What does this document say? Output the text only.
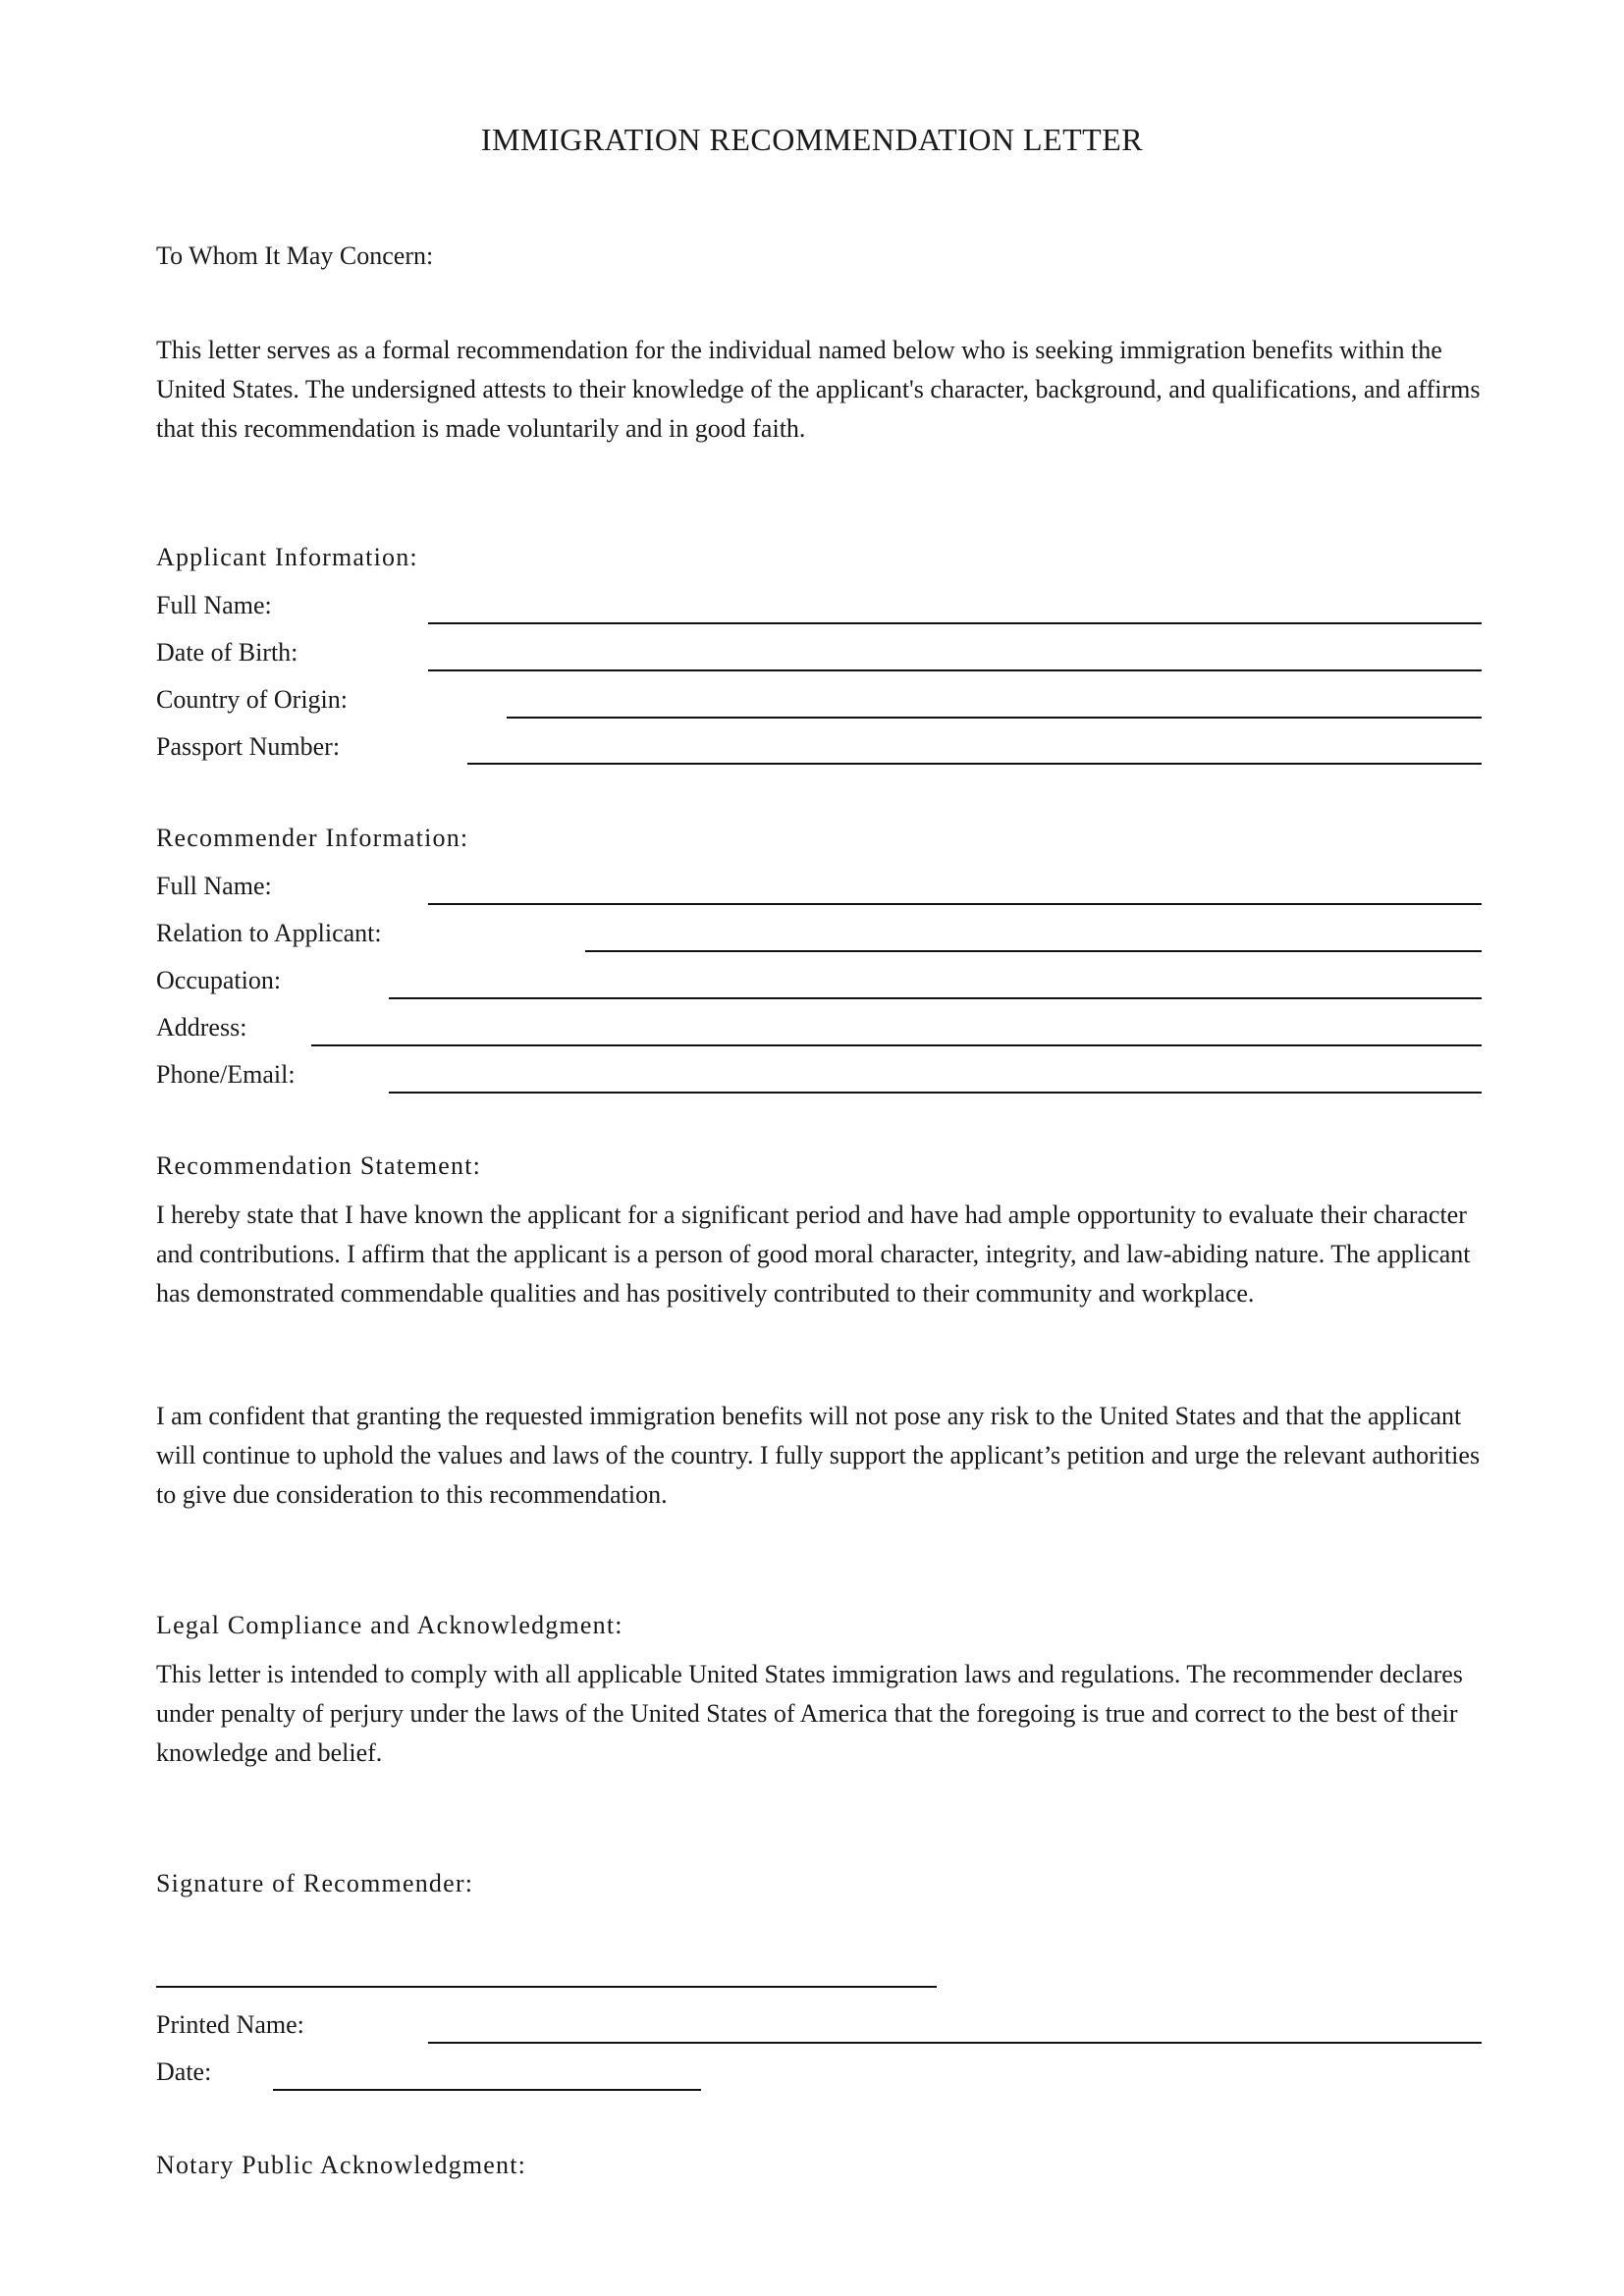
IMMIGRATION RECOMMENDATION LETTER
To Whom It May Concern:
This letter serves as a formal recommendation for the individual named below who is seeking immigration benefits within the United States. The undersigned attests to their knowledge of the applicant's character, background, and qualifications, and affirms that this recommendation is made voluntarily and in good faith.
Applicant Information:
Full Name:
Date of Birth:
Country of Origin:
Passport Number:
Recommender Information:
Full Name:
Relation to Applicant:
Occupation:
Address:
Phone/Email:
Recommendation Statement:
I hereby state that I have known the applicant for a significant period and have had ample opportunity to evaluate their character and contributions. I affirm that the applicant is a person of good moral character, integrity, and law-abiding nature. The applicant has demonstrated commendable qualities and has positively contributed to their community and workplace.
I am confident that granting the requested immigration benefits will not pose any risk to the United States and that the applicant will continue to uphold the values and laws of the country. I fully support the applicant’s petition and urge the relevant authorities to give due consideration to this recommendation.
Legal Compliance and Acknowledgment:
This letter is intended to comply with all applicable United States immigration laws and regulations. The recommender declares under penalty of perjury under the laws of the United States of America that the foregoing is true and correct to the best of their knowledge and belief.
Signature of Recommender:
Printed Name:
Date:
Notary Public Acknowledgment:
